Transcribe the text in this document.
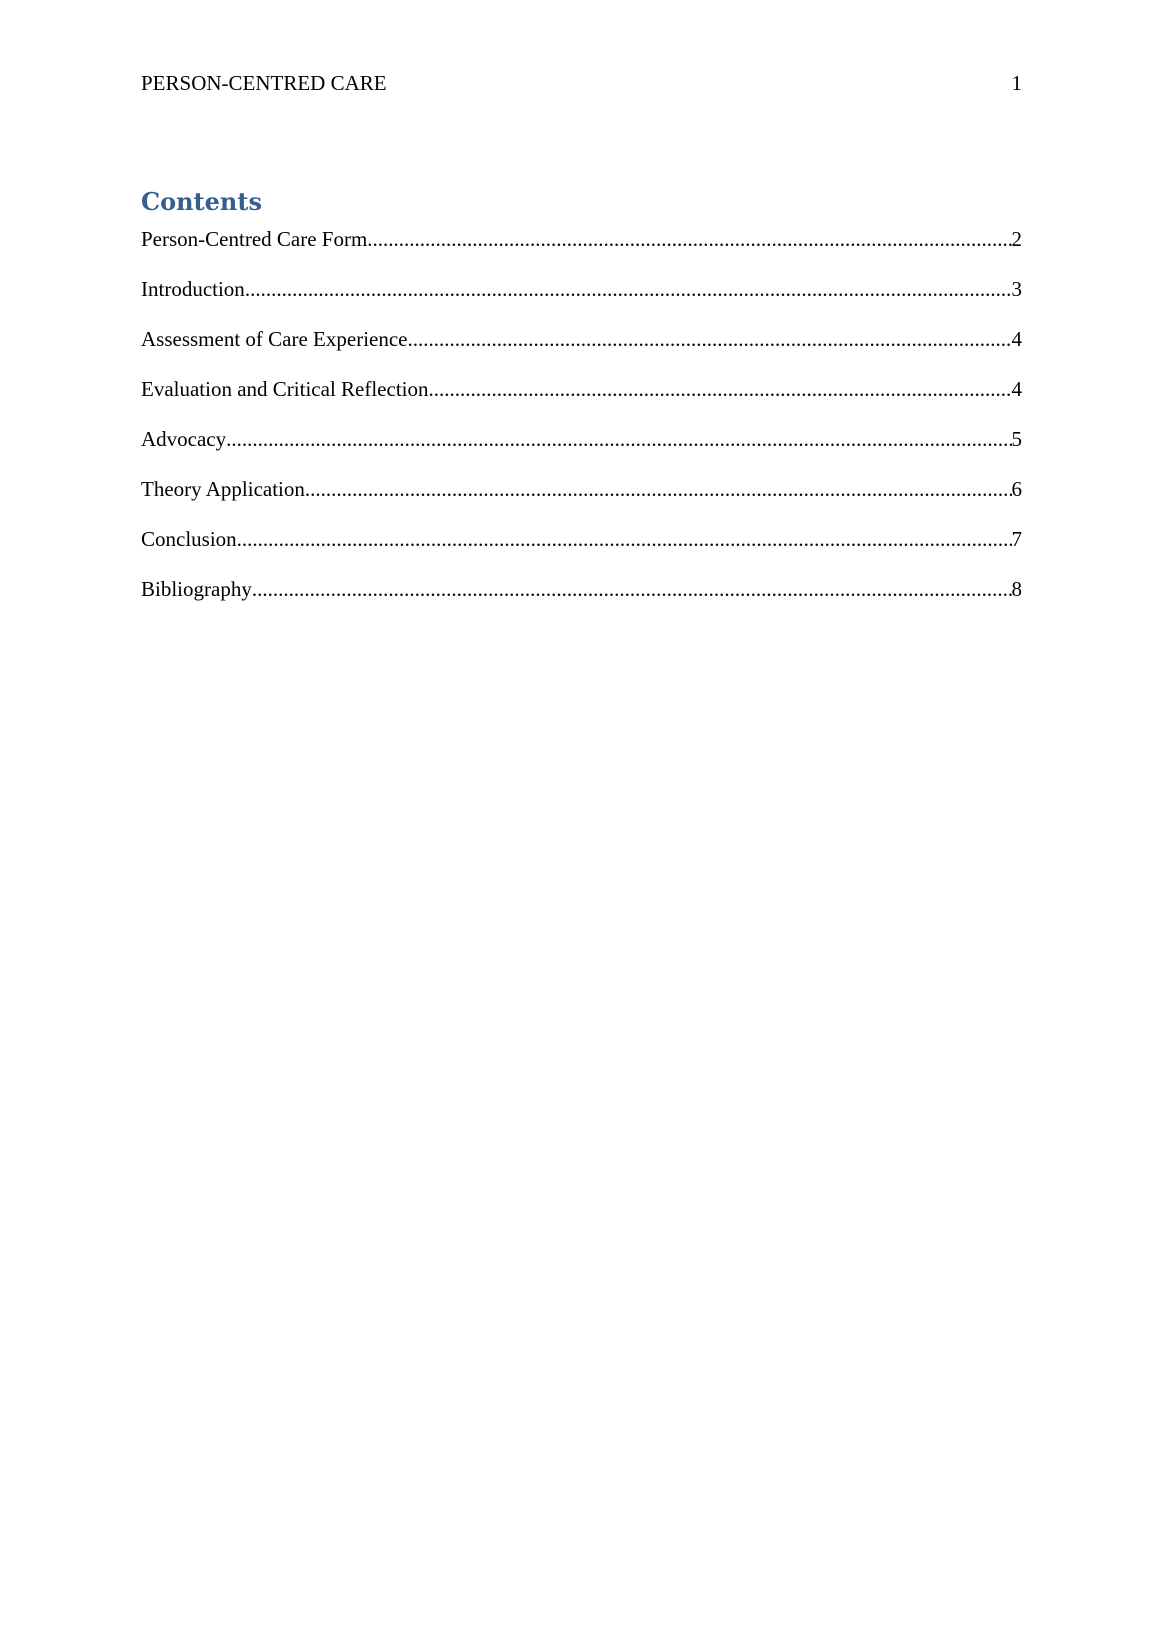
PERSON-CENTRED CARE	1
Contents
Person-Centred Care Form .....	2
Introduction .....	3
Assessment of Care Experience .....	4
Evaluation and Critical Reflection .....	4
Advocacy .....	5
Theory Application .....	6
Conclusion .....	7
Bibliography .....	8
